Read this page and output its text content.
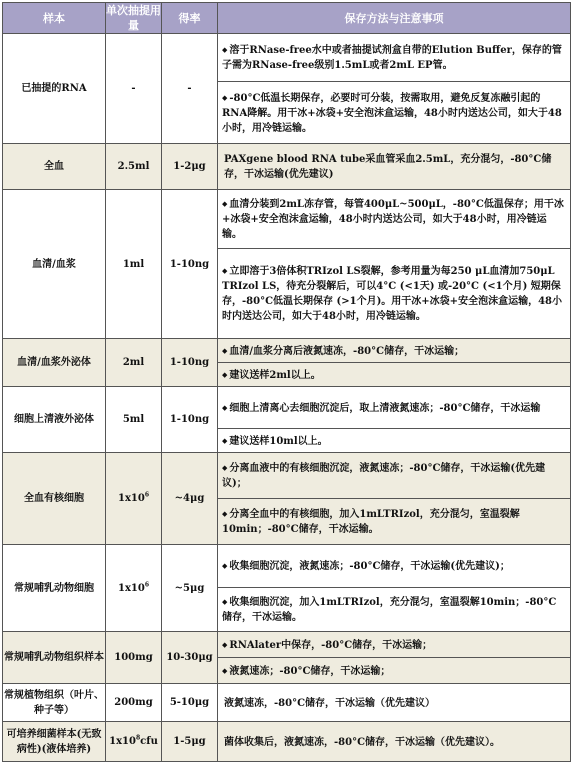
样本	单次抽提用量	得率	保存方法与注意事项
已抽提的RNA	-	-	◆ 溶于RNase-free水中或者抽提试剂盒自带的Elution Buffer，保存的管子需为RNase-free级别1.5mL或者2mL EP管。
			◆ -80°C低温长期保存，必要时可分装，按需取用，避免反复冻融引起的RNA降解。用干冰+冰袋+安全泡沫盒运输，48小时内送达公司，如大于48小时，用冷链运输。
全血	2.5ml	1-2μg	PAXgene blood RNA tube采血管采血2.5mL，充分混匀，-80°C储存，干冰运输(优先建议)
血清/血浆	1ml	1-10ng	◆ 血清分装到2mL冻存管，每管400μL~500μL，-80°C低温保存；用干冰+冰袋+安全泡沫盒运输，48小时内送达公司，如大于48小时，用冷链运输。
			◆ 立即溶于3倍体积TRIzol LS裂解，参考用量为每250 μL血清加750μL TRIzol LS，待充分裂解后，可以4°C (<1天) 或-20°C (<1个月) 短期保存，-80°C低温长期保存 (>1个月)。用干冰+冰袋+安全泡沫盒运输，48小时内送达公司，如大于48小时，用冷链运输。
血清/血浆外泌体	2ml	1-10ng	◆ 血清/血浆分离后液氮速冻，-80°C储存，干冰运输；
			◆ 建议送样2ml以上。
细胞上清液外泌体	5ml	1-10ng	◆ 细胞上清离心去细胞沉淀后，取上清液氮速冻；-80°C储存，干冰运输
			◆ 建议送样10ml以上。
全血有核细胞	$1x10^6$	~4μg	◆ 分离血液中的有核细胞沉淀，液氮速冻；-80°C储存，干冰运输(优先建议)；
			◆ 分离全血中的有核细胞，加入1mLTRIzol，充分混匀，室温裂解10min；-80°C储存，干冰运输。
常规哺乳动物细胞	$1x10^6$	~5μg	◆ 收集细胞沉淀，液氮速冻；-80°C储存，干冰运输(优先建议)；
			◆ 收集细胞沉淀，加入1mLTRIzol，充分混匀，室温裂解10min；-80°C储存，干冰运输。
常规哺乳动物组织样本	100mg	10-30μg	◆ RNAlater中保存，-80°C储存，干冰运输；
			◆ 液氮速冻；-80°C储存，干冰运输；
常规植物组织（叶片、种子等）	200mg	5-10μg	液氮速冻，-80°C储存，干冰运输（优先建议）
可培养细菌样本(无致病性)(液体培养)	$1x10^8cfu$	1-5μg	菌体收集后，液氮速冻，-80°C储存，干冰运输（优先建议）。
